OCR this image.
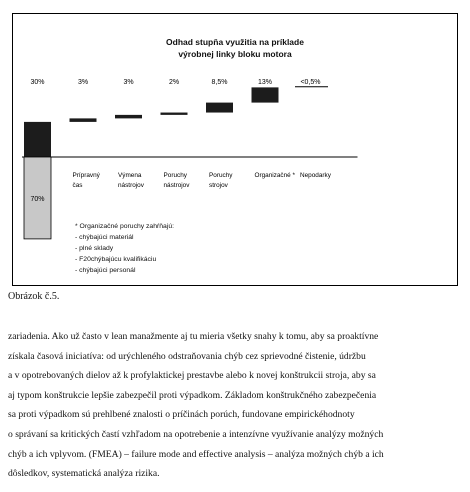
Odhad stupňa využitia na príklade
výrobnej linky bloku motora
30%	3%
Prípravný
čas
3%
Výmena
nástrojov
2%
Poruchy
nástrojov
8,5%
Poruchy
strojov
13%
Organizačné *
<0,5%
Nepodarky
70%
* Organizačné poruchy zahŕňajú:
- chýbajúci materiál
- plné sklady
- F20chýbajúcu kvalifikáciu
- chýbajúci personál
Obrázok č.5.
zariadenia. Ako už často v lean manažmente aj tu mieria všetky snahy k tomu, aby sa proaktívne
získala časová iniciatíva: od urýchleného odstraňovania chýb cez sprievodné čistenie, údržbu
a v opotrebovaných dielov až k profylaktickej prestavbe alebo k novej konštrukcii stroja, aby sa
aj typom konštrukcie lepšie zabezpečil proti výpadkom. Základom konštrukčného zabezpečenia
sa proti výpadkom sú prehlbené znalosti o príčinách porúch, fundovane empirickéhodnoty
o správaní sa kritických častí vzhľadom na opotrebenie a intenzívne využívanie analýzy možných
chýb a ich vplyvom. (FMEA) – failure mode and effective analysis – analýza možných chýb a ich
dôsledkov, systematická analýza rizika.
